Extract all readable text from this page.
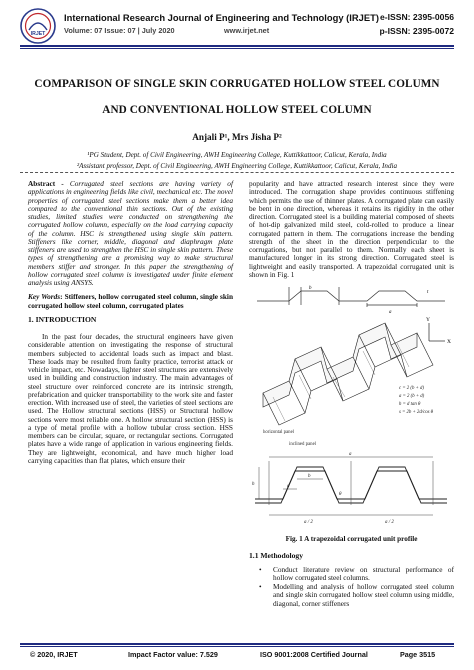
IRJET
International Research Journal of Engineering and Technology (IRJET) e-ISSN: 2395-0056
Volume: 07 Issue: 07 | July 2020	www.irjet.net	p-ISSN: 2395-0072
COMPARISON OF SINGLE SKIN CORRUGATED HOLLOW STEEL COLUMN
AND CONVENTIONAL HOLLOW STEEL COLUMN
Anjali P¹, Mrs Jisha P²
¹PG Student, Dept. of Civil Engineering, AWH Engineering College, Kuttikkattoor, Calicut, Kerala, India
²Assistant professor, Dept. of Civil Engineering, AWH Engineering College, Kuttikkattoor, Calicut, Kerala, India

Abstract - Corrugated steel sections are having variety of applications in engineering fields like civil, mechanical etc. The novel properties of corrugated steel sections make them a better idea compared to the conventional thin sections. Out of the existing studies, limited studies were conducted on strengthening the corrugated hollow column, especially on the load carrying capacity of the column. HSC is strengthened using single skin pattern. Stiffeners like corner, middle, diagonal and diaphragm plate stiffeners are used to strengthen the HSC in single skin pattern. These types of strengthening are a promising way to make structural members stiffer and stronger. In this paper the strengthening of hollow corrugated steel column is investigated under finite element analysis using ANSYS.

Key Words: Stiffeners, hollow corrugated steel column, single skin corrugated hollow steel column, corrugated plates

1. INTRODUCTION

In the past four decades, the structural engineers have given considerable attention on investigating the response of structural members subjected to accidental loads such as impact and blast. These loads may be resulted from faulty practice, terrorist attack or vehicle impact, etc. Nowadays, lighter steel structures are extensively used in building and construction industry. The main advantages of steel structure over reinforced concrete are its intrinsic strength, prefabrication and quicker transportability to the work site and faster erection. With increased use of steel, the varieties of steel sections are used. The Hollow structural sections (HSS) or Structural hollow sections were most reliable one. A hollow structural section (HSS) is a type of metal profile with a hollow tubular cross section. HSS members can be circular, square, or rectangular sections. Corrugated plates have a wide range of application in various engineering fields. They are lightweight, economical, and have much higher load carrying capacities than flat plates, which ensure their

popularity and have attracted research interest since they were introduced. The corrugation shape provides continuous stiffening which permits the use of thinner plates. A corrugated plate can easily be bent in one direction, whereas it retains its rigidity in the other direction. Corrugated steel is a building material composed of sheets of hot-dip galvanized mild steel, cold-rolled to produce a linear corrugated pattern in them. The corrugations increase the bending strength of the sheet in the direction perpendicular to the corrugations, but not parallel to them. Normally each sheet is manufactured longer in its strong direction. Corrugated steel is lightweight and easily transported. A trapezoidal corrugated unit is shown in Fig. 1

t
b
a
Y
X
c = 2 (b + d)
a = 2 (b + d)
h = d tan θ
s = 2b + 2d/cos θ
horizontal panel
inclined panel
a
a / 2	a / 2
b
d
h
θ
Fig. 1 A trapezoidal corrugated unit profile
1.1 Methodology
• Conduct literature review on structural performance of hollow corrugated steel columns.
• Modelling and analysis of hollow corrugated steel column and single skin corrugated hollow steel column using middle, diagonal, corner stiffeners
© 2020, IRJET	Impact Factor value: 7.529	ISO 9001:2008 Certified Journal	Page 3515
